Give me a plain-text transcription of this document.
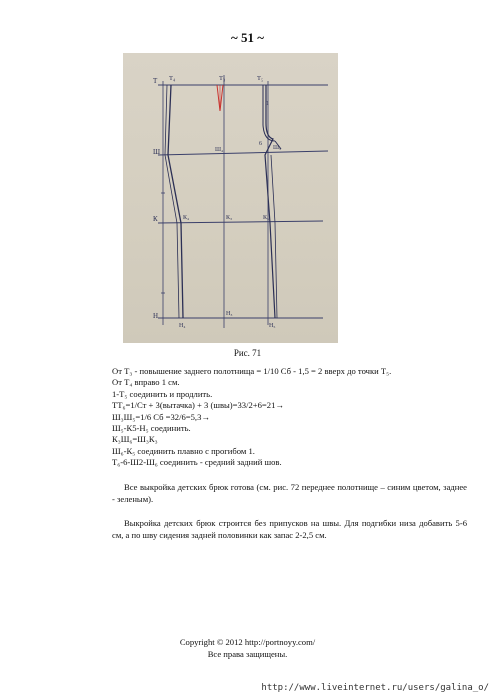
~ 51 ~
Т Т₄	Т₃	Т₅
Ш	Ш₄	Ш₅
6
1
К	К₄	К₃	К₅
Н
Н₄
Н₃
Н₅
Рис. 71
От Т₃ - повышение заднего полотнища = 1/10 Сб - 1,5 = 2 вверх до точки Т₅.
От Т₄ вправо 1 см.
1-Т₅ соединить и продлить.
ТТ₆=1/Ст + 3(вытачка) + 3 (швы)=33/2+6=21→
Ш₃Ш₅=1/6 Сб =32/6=5,3→
Ш₅-К5-Н₅ соединить.
К₃Ш₆=Ш₃К₃
Ш₆-К₅ соединить плавно с прогибом 1.
Т₆-6-Ш2-Ш₆ соединить - средний задний шов.
Все выкройка детских брюк готова (см. рис. 72 переднее полотнище – синим цветом, заднее - зеленым).
Выкройка детских брюк строится без припусков на швы. Для подгибки низа добавить 5-6 см, а по шву сидения задней половинки как запас 2-2,5 см.
Copyright © 2012 http://portnoyy.com/
Все права защищены.
http://www.liveinternet.ru/users/galina_o/
